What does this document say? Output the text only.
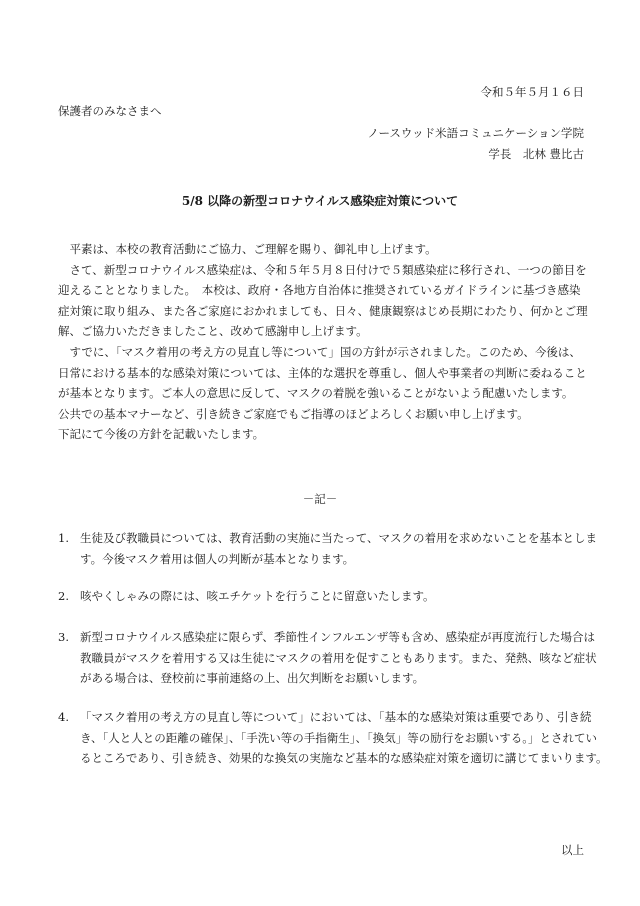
令和５年５月１６日
保護者のみなさまへ
ノースウッド米語コミュニケーション学院
学長　北林 豊比古
5/8 以降の新型コロナウイルス感染症対策について

　平素は、本校の教育活動にご協力、ご理解を賜り、御礼申し上げます。

　さて、新型コロナウイルス感染症は、令和５年５月８日付けで５類感染症に移行され、一つの節目を

迎えることとなりました。　本校は、政府・各地方自治体に推奨されているガイドラインに基づき感染

症対策に取り組み、また各ご家庭におかれましても、日々、健康観察はじめ長期にわたり、何かとご理

解、ご協力いただきましたこと、改めて感謝申し上げます。

　すでに、「マスク着用の考え方の見直し等について」国の方針が示されました。このため、今後は、

日常における基本的な感染対策については、主体的な選択を尊重し、個人や事業者の判断に委ねること

が基本となります。ご本人の意思に反して、マスクの着脱を強いることがないよう配慮いたします。

公共での基本マナーなど、引き続きご家庭でもご指導のほどよろしくお願い申し上げます。

下記にて今後の方針を記載いたします。

－記－
1. 生徒及び教職員については、教育活動の実施に当たって、マスクの着用を求めないことを基本としま
す。今後マスク着用は個人の判断が基本となります。
2. 咳やくしゃみの際には、咳エチケットを行うことに留意いたします。
3. 新型コロナウイルス感染症に限らず、季節性インフルエンザ等も含め、感染症が再度流行した場合は
教職員がマスクを着用する又は生徒にマスクの着用を促すこともあります。また、発熱、咳など症状
がある場合は、登校前に事前連絡の上、出欠判断をお願いします。
4. 「マスク着用の考え方の見直し等について」においては、「基本的な感染対策は重要であり、引き続
き、「人と人との距離の確保」、「手洗い等の手指衛生」、「換気」等の励行をお願いする。」とされてい
るところであり、引き続き、効果的な換気の実施など基本的な感染症対策を適切に講じてまいります。
以上
